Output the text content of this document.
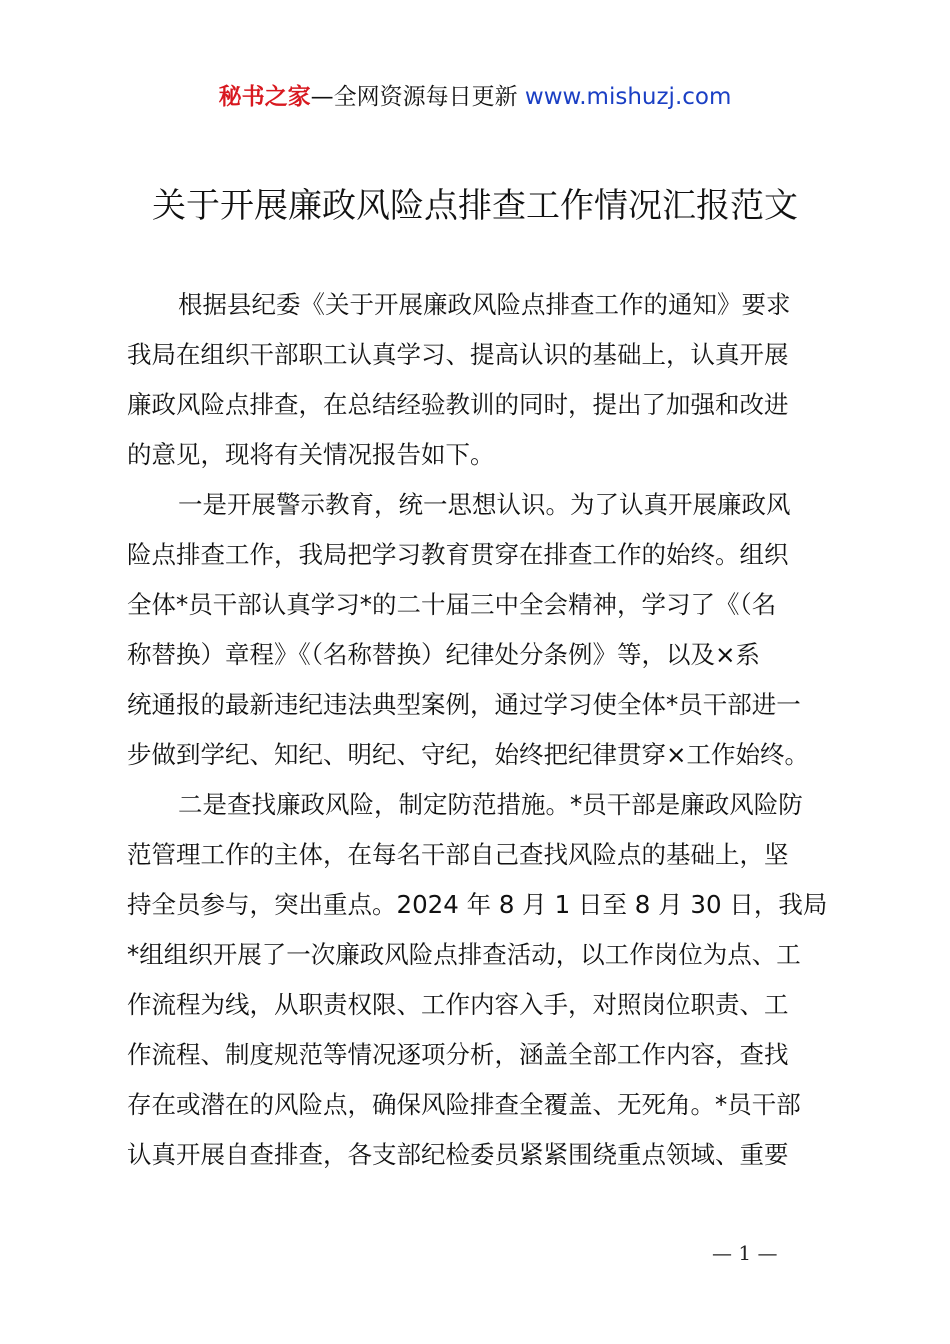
秘书之家—全网资源每日更新 www.mishuzj.com
关于开展廉政风险点排查工作情况汇报范文
根据县纪委《关于开展廉政风险点排查工作的通知》要求
我局在组织干部职工认真学习、提高认识的基础上，认真开展
廉政风险点排查，在总结经验教训的同时，提出了加强和改进
的意见，现将有关情况报告如下。
一是开展警示教育，统一思想认识。为了认真开展廉政风
险点排查工作，我局把学习教育贯穿在排查工作的始终。组织
全体*员干部认真学习*的二十届三中全会精神，学习了《（名
称替换）章程》《（名称替换）纪律处分条例》等，以及×系
统通报的最新违纪违法典型案例，通过学习使全体*员干部进一
步做到学纪、知纪、明纪、守纪，始终把纪律贯穿×工作始终。
二是查找廉政风险，制定防范措施。*员干部是廉政风险防
范管理工作的主体，在每名干部自己查找风险点的基础上，坚
持全员参与，突出重点。2024 年 8 月 1 日至 8 月 30 日，我局
*组组织开展了一次廉政风险点排查活动，以工作岗位为点、工
作流程为线，从职责权限、工作内容入手，对照岗位职责、工
作流程、制度规范等情况逐项分析，涵盖全部工作内容，查找
存在或潜在的风险点，确保风险排查全覆盖、无死角。*员干部
认真开展自查排查，各支部纪检委员紧紧围绕重点领域、重要
— 1 —
